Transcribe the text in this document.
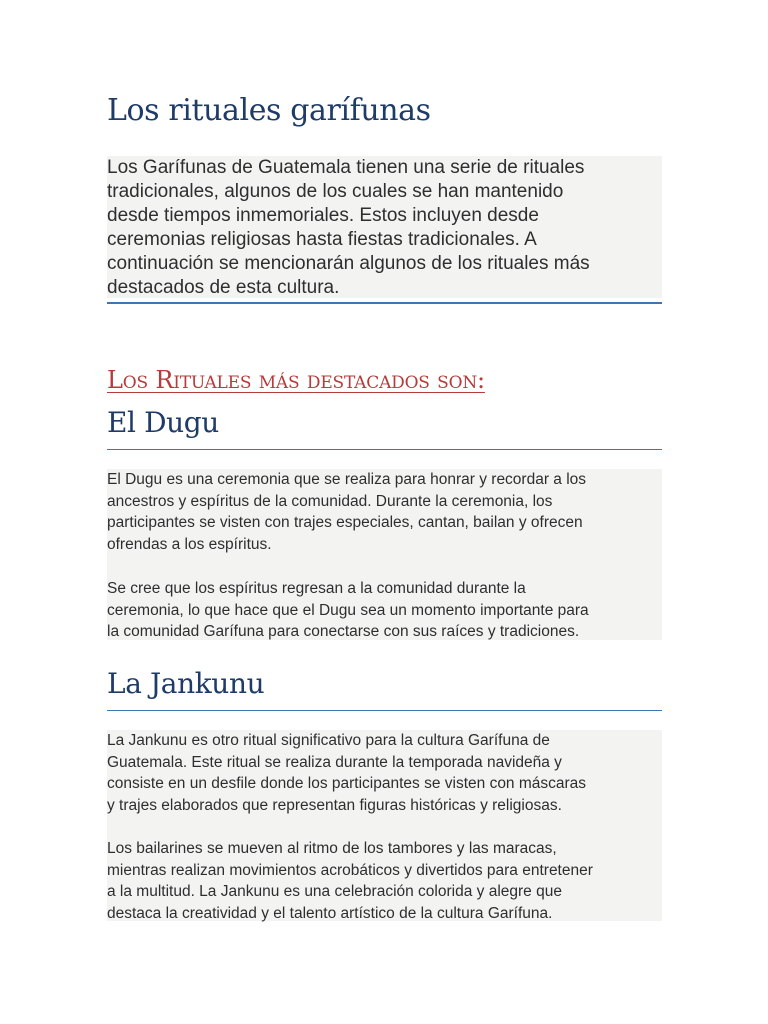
Los rituales garífunas

Los Garífunas de Guatemala tienen una serie de rituales
tradicionales, algunos de los cuales se han mantenido
desde tiempos inmemoriales. Estos incluyen desde
ceremonias religiosas hasta fiestas tradicionales. A
continuación se mencionarán algunos de los rituales más
destacados de esta cultura.

Los Rituales más destacados son:
El Dugu

El Dugu es una ceremonia que se realiza para honrar y recordar a los
ancestros y espíritus de la comunidad. Durante la ceremonia, los
participantes se visten con trajes especiales, cantan, bailan y ofrecen
ofrendas a los espíritus.

Se cree que los espíritus regresan a la comunidad durante la
ceremonia, lo que hace que el Dugu sea un momento importante para
la comunidad Garífuna para conectarse con sus raíces y tradiciones.

La Jankunu

La Jankunu es otro ritual significativo para la cultura Garífuna de
Guatemala. Este ritual se realiza durante la temporada navideña y
consiste en un desfile donde los participantes se visten con máscaras
y trajes elaborados que representan figuras históricas y religiosas.

Los bailarines se mueven al ritmo de los tambores y las maracas,
mientras realizan movimientos acrobáticos y divertidos para entretener
a la multitud. La Jankunu es una celebración colorida y alegre que
destaca la creatividad y el talento artístico de la cultura Garífuna.
